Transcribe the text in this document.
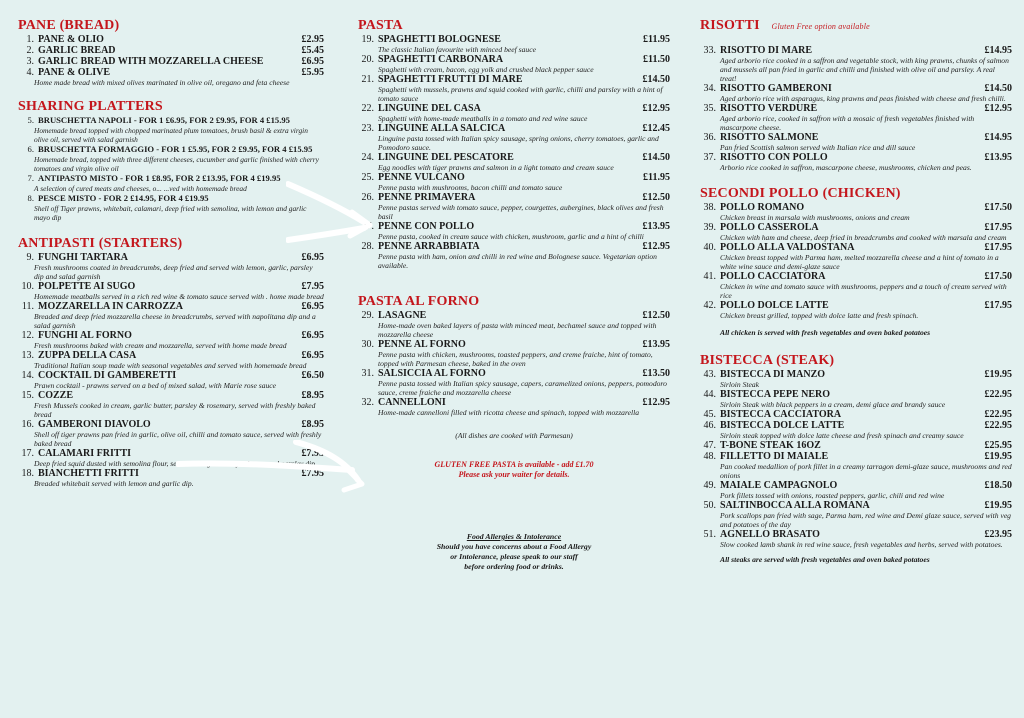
PANE (BREAD)
1. PANE & OLIO	£2.95
2. GARLIC BREAD	£5.45
3. GARLIC BREAD WITH MOZZARELLA CHEESE	£6.95
4. PANE & OLIVE	£5.95
Home made bread with mixed olives marinated in olive oil, oregano and feta cheese
SHARING PLATTERS
5. BRUSCHETTA NAPOLI - FOR 1 £6.95, FOR 2 £9.95, FOR 4 £15.95
Homemade bread topped with chopped marinated plum tomatoes, brush basil & extra virgin olive oil, served with salad garnish
6. BRUSCHETTA FORMAGGIO - FOR 1 £5.95, FOR 2 £9.95, FOR 4 £15.95
Homemade bread, topped with three different cheeses, cucumber and garlic finished with cherry tomatoes and virgin olive oil
7. ANTIPASTO MISTO - FOR 1 £8.95, FOR 2 £13.95, FOR 4 £19.95
A selection of cured meats and cheeses, o... ...ved with homemade bread
8. PESCE MISTO - FOR 2 £14.95, FOR 4 £19.95
Shell off Tiger prawns, whitebait, calamari, deep fried with semolina, with lemon and garlic mayo dip
ANTIPASTI (STARTERS)
9. FUNGHI TARTARA	£6.95
Fresh mushrooms coated in breadcrumbs, deep fried and served with lemon, garlic, parsley dip and salad garnish
10. POLPETTE AI SUGO	£7.95
Homemade meatballs served in a rich red wine & tomato sauce served with . home made bread
11. MOZZARELLA IN CARROZZA	£6.95
Breaded and deep fried mozzarella cheese in breadcrumbs, served with napolitana dip and a salad garnish
12. FUNGHI AL FORNO	£6.95
Fresh mushrooms baked with cream and mozzarella, served with home made bread
13. ZUPPA DELLA CASA	£6.95
Traditional Italian soup made with seasonal vegetables and served with homemade bread
14. COCKTAIL DI GAMBERETTI	£6.50
Prawn cocktail - prawns served on a bed of mixed salad, with Marie rose sauce
15. COZZE	£8.95
Fresh Mussels cooked in cream, garlic butter, parsley & rosemary, served with freshly baked bread
16. GAMBERONI DIAVOLO	£8.95
Shell off tiger prawns pan fried in garlic, olive oil, chilli and tomato sauce, served with freshly baked bread
17. CALAMARI FRITTI	£7.95
Deep fried squid dusted with semolina flour, served with garlic mayo, lemon and parsley dip.
18. BIANCHETTI FRITTI	£7.95
Breaded whitebait served with lemon and garlic dip.
PASTA
19. SPAGHETTI BOLOGNESE	£11.95
The classic Italian favourite with minced beef sauce
20. SPAGHETTI CARBONARA	£11.50
Spaghetti with cream, bacon, egg yolk and crushed black pepper sauce
21. SPAGHETTI FRUTTI DI MARE	£14.50
Spaghetti with mussels, prawns and squid cooked with garlic, chilli and parsley with a hint of tomato sauce
22. LINGUINE DEL CASA	£12.95
Spaghetti with home-made meatballs in a tomato and red wine sauce
23. LINGUINE ALLA SALCICA	£12.45
Linguine pasta tossed with Italian spicy sausage, spring onions, cherry tomatoes, garlic and Pomodoro sauce.
24. LINGUINE DEL PESCATORE	£14.50
Egg noodles with tiger prawns and salmon in a light tomato and cream sauce
25. PENNE VULCANO	£11.95
Penne pasta with mushrooms, bacon chilli and tomato sauce
26. PENNE PRIMAVERA	£12.50
Penne pastas served with tomato sauce, pepper, courgettes, aubergines, black olives and fresh basil
27. PENNE CON POLLO	£13.95
Penne pasta, cooked in cream sauce with chicken, mushroom, garlic and a hint of chilli
28. PENNE ARRABBIATA	£12.95
Penne pasta with ham, onion and chilli in red wine and Bolognese sauce. Vegetarian option available.
PASTA AL FORNO
29. LASAGNE	£12.50
Home-made oven baked layers of pasta with minced meat, bechamel sauce and topped with mozzarella cheese
30. PENNE AL FORNO	£13.95
Penne pasta with chicken, mushrooms, toasted peppers, and creme fraiche, hint of tomato, topped with Parmesan cheese, baked in the oven
31. SALSICCIA AL FORNO	£13.50
Penne pasta tossed with Italian spicy sausage, capers, caramelized onions, peppers, pomodoro sauce, creme fraiche and mozzarella cheese
32. CANNELLONI	£12.95
Home-made cannelloni filled with ricotta cheese and spinach, topped with mozzarella
(All dishes are cooked with Parmesan)
GLUTEN FREE PASTA is available - add £1.70
Please ask your waiter for details.
Food Allergies & Intolerance
Should you have concerns about a Food Allergy
or Intolerance, please speak to our staff
before ordering food or drinks.
RISOTTI Gluten Free option available
33. RISOTTO DI MARE	£14.95
Aged arborio rice cooked in a saffron and vegetable stock, with king prawns, chunks of salmon and mussels all pan fried in garlic and chilli and finished with olive oil and parsley. A real treat!
34. RISOTTO GAMBERONI	£14.50
Aged arborio rice with asparagus, king prawns and peas finished with cheese and fresh chilli.
35. RISOTTO VERDURE	£12.95
Aged arborio rice, cooked in saffron with a mosaic of fresh vegetables finished with mascarpone cheese.
36. RISOTTO SALMONE	£14.95
Pan fried Scottish salmon served with Italian rice and dill sauce
37. RISOTTO CON POLLO	£13.95
Arborio rice cooked in saffron, mascarpone cheese, mushrooms, chicken and peas.
SECONDI POLLO (CHICKEN)
38. POLLO ROMANO	£17.50
Chicken breast in marsala with mushrooms, onions and cream
39. POLLO CASSEROLA	£17.95
Chicken with ham and cheese, deep fried in breadcrumbs and cooked with marsala and cream
40. POLLO ALLA VALDOSTANA	£17.95
Chicken breast topped with Parma ham, melted mozzarella cheese and a hint of tomato in a white wine sauce and demi-glaze sauce
41. POLLO CACCIATORA	£17.50
Chicken in wine and tomato sauce with mushrooms, peppers and a touch of cream served with rice
42. POLLO DOLCE LATTE	£17.95
Chicken breast grilled, topped with dolce latte and fresh spinach.
All chicken is served with fresh vegetables and oven baked potatoes
BISTECCA (STEAK)
43. BISTECCA DI MANZO	£19.95
Sirloin Steak
44. BISTECCA PEPE NERO	£22.95
Sirloin Steak with black peppers in a cream, demi glace and brandy sauce
45. BISTECCA CACCIATORA	£22.95
46. BISTECCA DOLCE LATTE	£22.95
Sirloin steak topped with dolce latte cheese and fresh spinach and creamy sauce
47. T-BONE STEAK 16OZ	£25.95
48. FILLETTO DI MAIALE	£19.95
Pan cooked medallion of pork fillet in a creamy tarragon demi-glaze sauce, mushrooms and red onions
49. MAIALE CAMPAGNOLO	£18.50
Pork fillets tossed with onions, roasted peppers, garlic, chili and red wine
50. SALTINBOCCA ALLA ROMANA	£19.95
Pork scallops pan fried with sage, Parma ham, red wine and Demi glaze sauce, served with veg and potatoes of the day
51. AGNELLO BRASATO	£23.95
Slow cooked lamb shank in red wine sauce, fresh vegetables and herbs, served with potatoes.
All steaks are served with fresh vegetables and oven baked potatoes
